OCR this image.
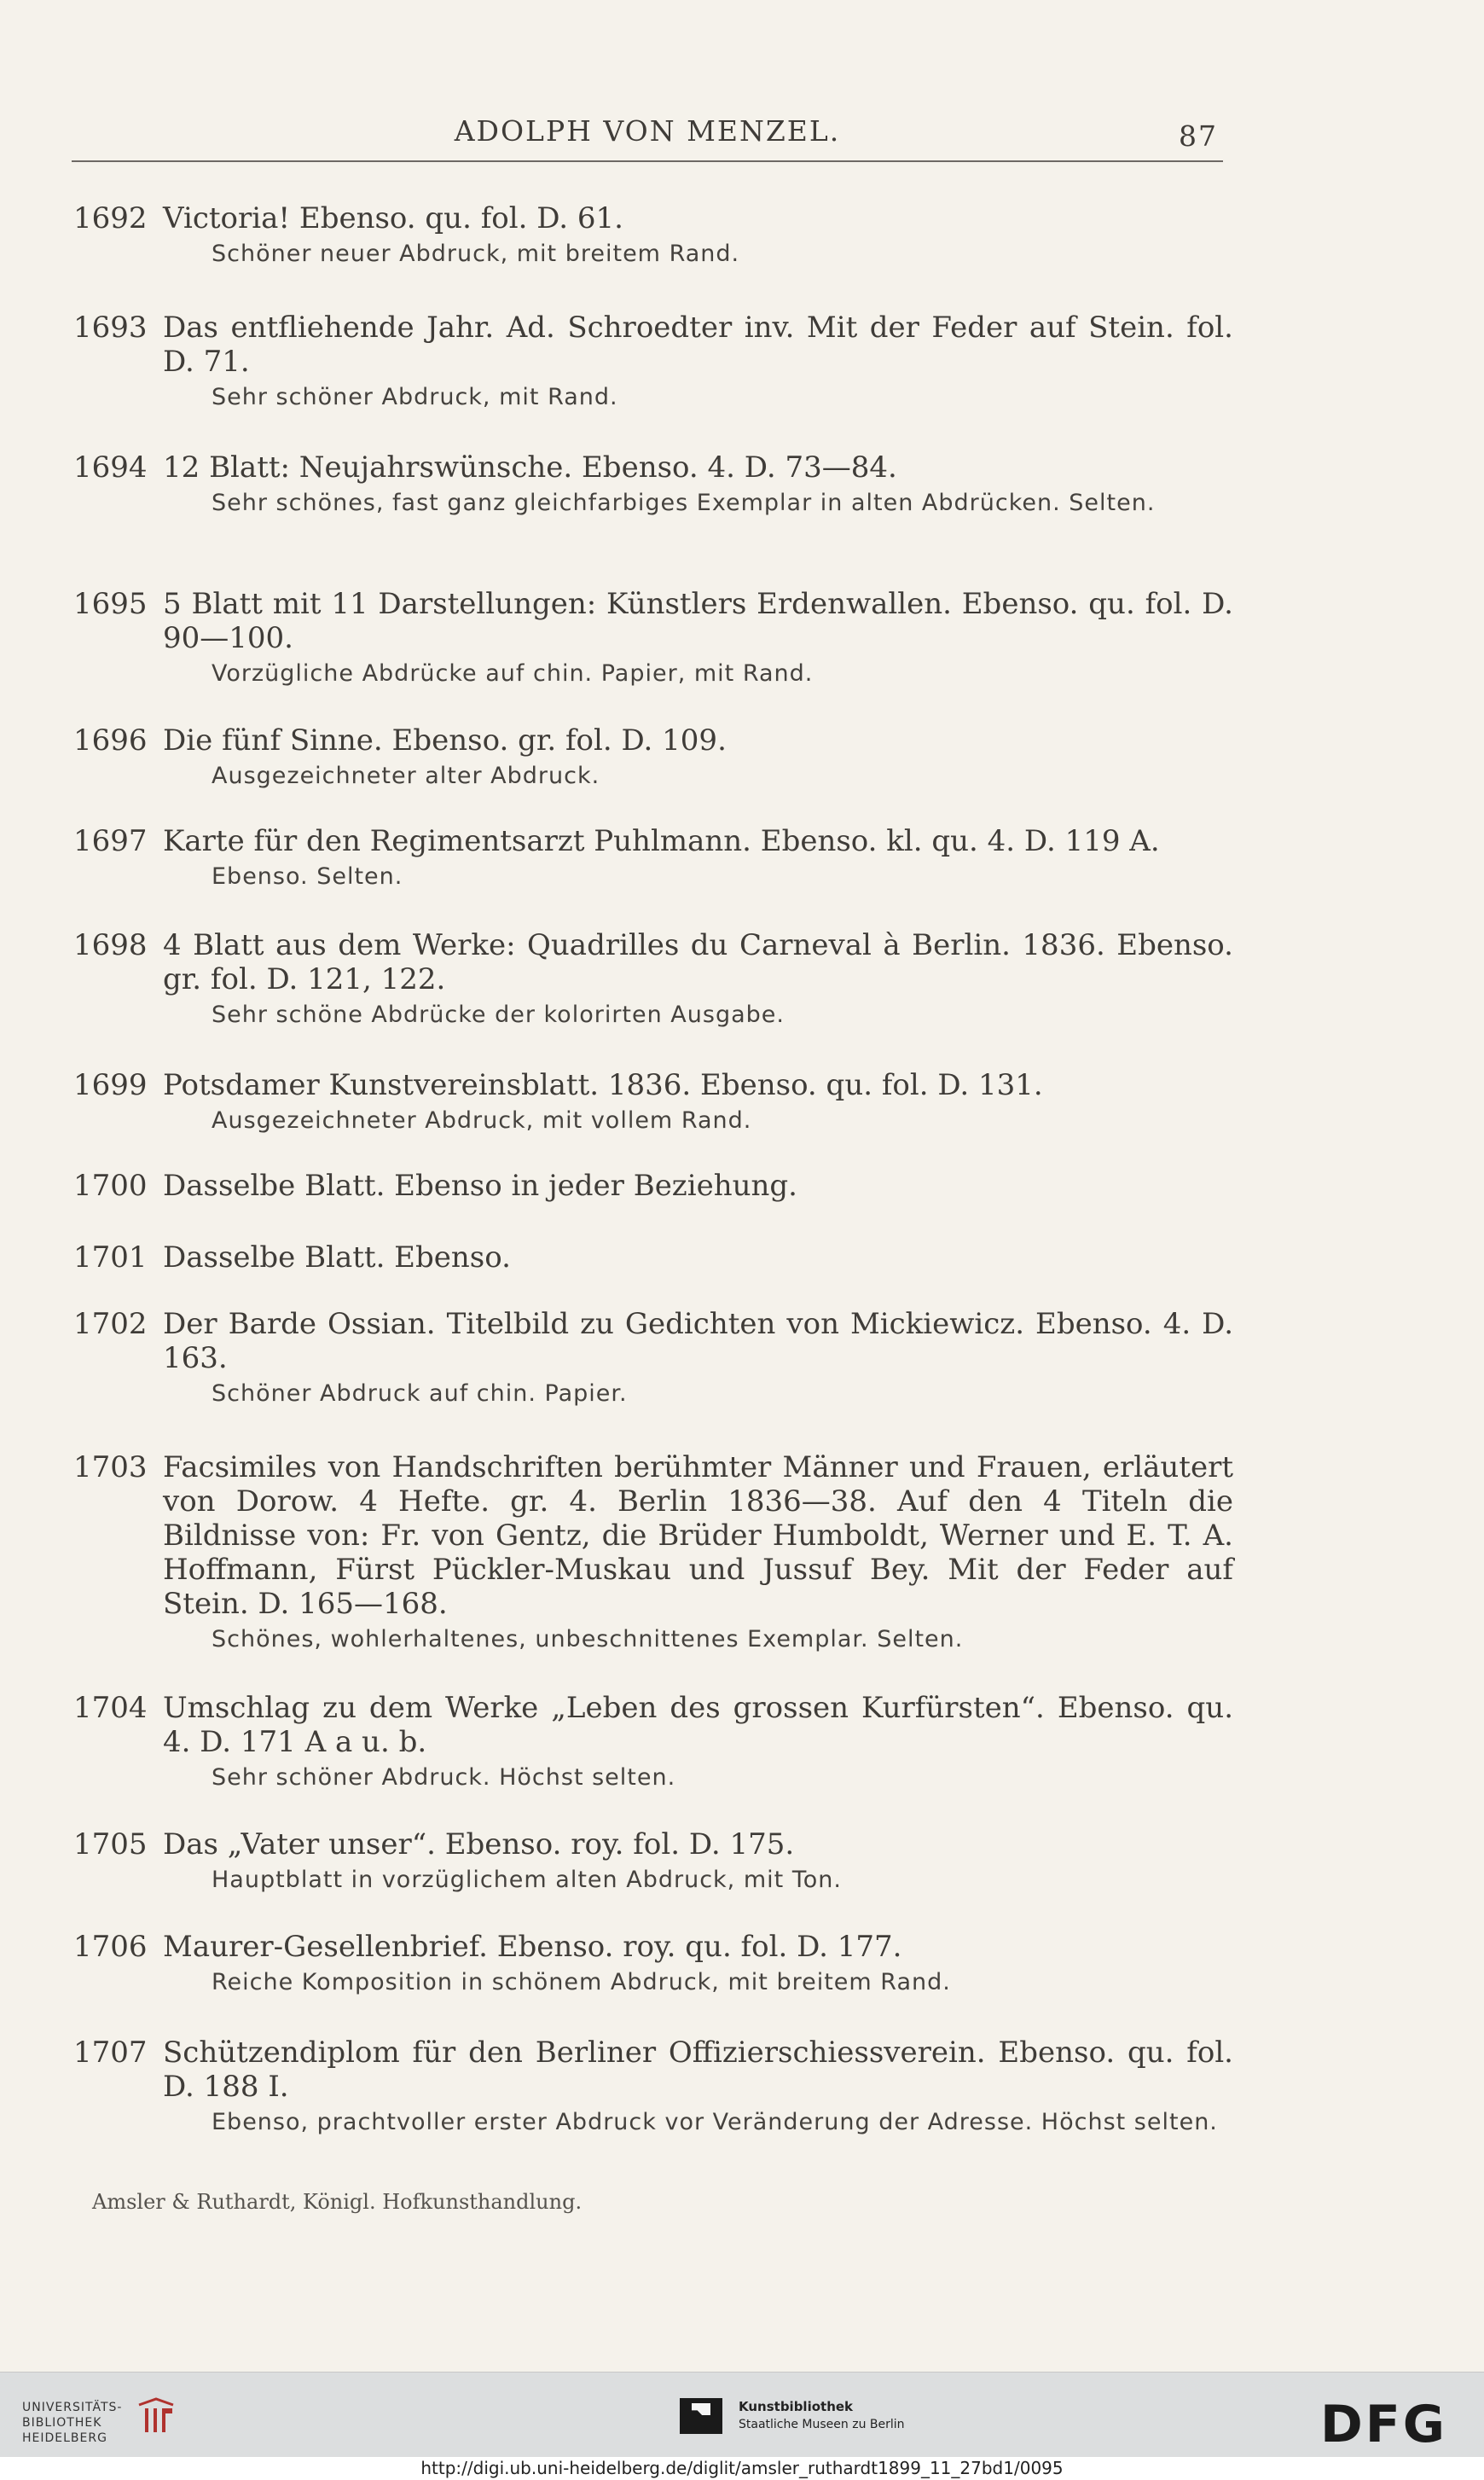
ADOLPH VON MENZEL.	87
1692 Victoria! Ebenso. qu. fol. D. 61.
Schöner neuer Abdruck, mit breitem Rand.
1693 Das entfliehende Jahr. Ad. Schroedter inv. Mit der Feder auf Stein. fol. D. 71.
Sehr schöner Abdruck, mit Rand.
1694 12 Blatt: Neujahrswünsche. Ebenso. 4. D. 73—84.
Sehr schönes, fast ganz gleichfarbiges Exemplar in alten Abdrücken. Selten.
1695 5 Blatt mit 11 Darstellungen: Künstlers Erdenwallen. Ebenso. qu. fol. D. 90—100.
Vorzügliche Abdrücke auf chin. Papier, mit Rand.
1696 Die fünf Sinne. Ebenso. gr. fol. D. 109.
Ausgezeichneter alter Abdruck.
1697 Karte für den Regimentsarzt Puhlmann. Ebenso. kl. qu. 4. D. 119 A.
Ebenso. Selten.
1698 4 Blatt aus dem Werke: Quadrilles du Carneval à Berlin. 1836. Ebenso. gr. fol. D. 121, 122.
Sehr schöne Abdrücke der kolorirten Ausgabe.
1699 Potsdamer Kunstvereinsblatt. 1836. Ebenso. qu. fol. D. 131.
Ausgezeichneter Abdruck, mit vollem Rand.
1700 Dasselbe Blatt. Ebenso in jeder Beziehung.
1701 Dasselbe Blatt. Ebenso.
1702 Der Barde Ossian. Titelbild zu Gedichten von Mickiewicz. Ebenso. 4. D. 163.
Schöner Abdruck auf chin. Papier.
1703 Facsimiles von Handschriften berühmter Männer und Frauen, erläutert von Dorow. 4 Hefte. gr. 4. Berlin 1836—38. Auf den 4 Titeln die Bildnisse von: Fr. von Gentz, die Brüder Humboldt, Werner und E. T. A. Hoffmann, Fürst Pückler-Muskau und Jussuf Bey. Mit der Feder auf Stein. D. 165—168.
Schönes, wohlerhaltenes, unbeschnittenes Exemplar. Selten.
1704 Umschlag zu dem Werke „Leben des grossen Kurfürsten“. Ebenso. qu. 4. D. 171 A a u. b.
Sehr schöner Abdruck. Höchst selten.
1705 Das „Vater unser“. Ebenso. roy. fol. D. 175.
Hauptblatt in vorzüglichem alten Abdruck, mit Ton.
1706 Maurer-Gesellenbrief. Ebenso. roy. qu. fol. D. 177.
Reiche Komposition in schönem Abdruck, mit breitem Rand.
1707 Schützendiplom für den Berliner Offizierschiessverein. Ebenso. qu. fol. D. 188 I.
Ebenso, prachtvoller erster Abdruck vor Veränderung der Adresse. Höchst selten.
Amsler & Ruthardt, Königl. Hofkunsthandlung.
UNIVERSITÄTS-
BIBLIOTHEK
HEIDELBERG
Kunstbibliothek
Staatliche Museen zu Berlin	DFG
http://digi.ub.uni-heidelberg.de/diglit/amsler_ruthardt1899_11_27bd1/0095
